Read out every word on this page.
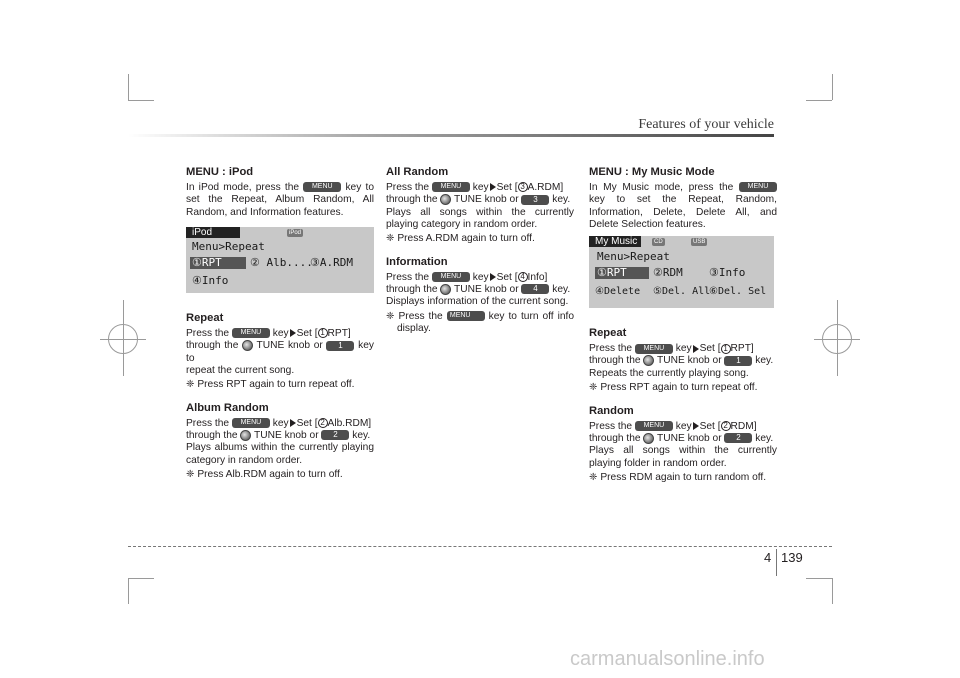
Features of your vehicle
MENU : iPod

In iPod mode, press the MENU key to set the Repeat, Album Random, All Random, and Information features.

Repeat

Press the MENU key Set [ 1 RPT]

through the TUNE knob or 1 key to

repeat the current song.

❈ Press RPT again to turn repeat off.

Album Random

Press the MENU key Set [ 2 Alb.RDM]

through the TUNE knob or 2 key.

Plays albums within the currently playing category in random order.

❈ Press Alb.RDM again to turn off.

iPod	iPod
Menu>Repeat
①RPT	② Alb....
③A.RDM
④Info
All Random

Press the MENU key Set [ 3 A.RDM]

through the TUNE knob or 3 key.

Plays all songs within the currently playing category in random order.

❈ Press A.RDM again to turn off.

Information

Press the MENU key Set [ 4 Info]

through the TUNE knob or 4 key.

Displays information of the current song.

❈ Press the MENU key to turn off info display.

MENU : My Music Mode

In My Music mode, press the MENU key to set the Repeat, Random, Information, Delete, Delete All, and Delete Selection features.

Repeat

Press the MENU key Set [ 1 RPT]

through the TUNE knob or 1 key.

Repeats the currently playing song.

❈ Press RPT again to turn repeat off.

Random

Press the MENU key Set [ 2 RDM]

through the TUNE knob or 2 key.

Plays all songs within the currently playing folder in random order.

❈ Press RDM again to turn random off.

My Music	CD	USB
Menu>Repeat
①RPT	②RDM ③Info
④Delete ⑤Del. All
⑥Del. Sel
4 139
carmanualsonline.info
